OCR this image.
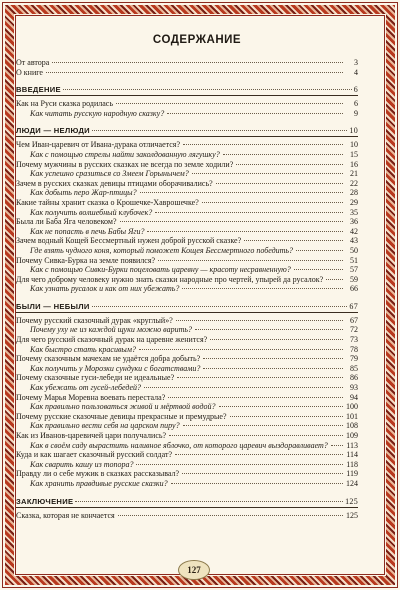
СОДЕРЖАНИЕ
От автора	3
О книге	4
ВВЕДЕНИЕ	6
Как на Руси сказка родилась	6
Как читать русскую народную сказку?	9
ЛЮДИ — НЕЛЮДИ	10
Чем Иван-царевич от Ивана-дурака отличается?	10
Как с помощью стрелы найти заколдованную лягушку?	15
Почему мужчины в русских сказках не всегда по земле ходили?	16
Как успешно сразиться со Змеем Горынычем?	21
Зачем в русских сказках девицы птицами оборачивались?	22
Как добыть перо Жар-птицы?	28
Какие тайны хранит сказка о Крошечке-Хаврошечке?	29
Как получить волшебный клубочек?	35
Была ли Баба Яга человеком?	36
Как не попасть в печь Бабы Яги?	42
Зачем водный Кощей Бессмертный нужен доброй русской сказке?	43
Где взять чудного коня, который поможет Кощея Бессмертного победить?	50
Почему Сивка-Бурка на земле появился?	51
Как с помощью Сивки-Бурки поцеловать царевну — красоту несравненную?	57
Для чего доброму человеку нужно знать сказки народные про чертей, упырей да русалок?	59
Как узнать русалок и как от них убежать?	66
БЫЛИ — НЕБЫЛИ	67
Почему русский сказочный дурак «круглый»?	67
Почему уху не из каждой щуки можно варить?	72
Для чего русский сказочный дурак на царевне женится?	73
Как быстро стать красивым?	78
Почему сказочным мачехам не удаётся добра добыть?	79
Как получить у Морозки сундуки с богатствами?	85
Почему сказочные гуси-лебеди не идеальные?	86
Как убежать от гусей-лебедей?	93
Почему Марья Моревна воевать перестала?	94
Как правильно пользоваться живой и мёртвой водой?	100
Почему русские сказочные девицы прекрасные и премудрые?	101
Как правильно вести себя на царском пиру?	108
Как из Иванов-царевичей цари получались?	109
Как в своём саду вырастить наливное яблочко, от которого царевич выздоравливает? 113
Куда и как шагает сказочный русский солдат?	114
Как сварить кашу из топора?	118
Правду ли о себе мужик в сказках рассказывал?	119
Как хранить правдивые русские сказки?	124
ЗАКЛЮЧЕНИЕ	125
Сказка, которая не кончается	125
127
